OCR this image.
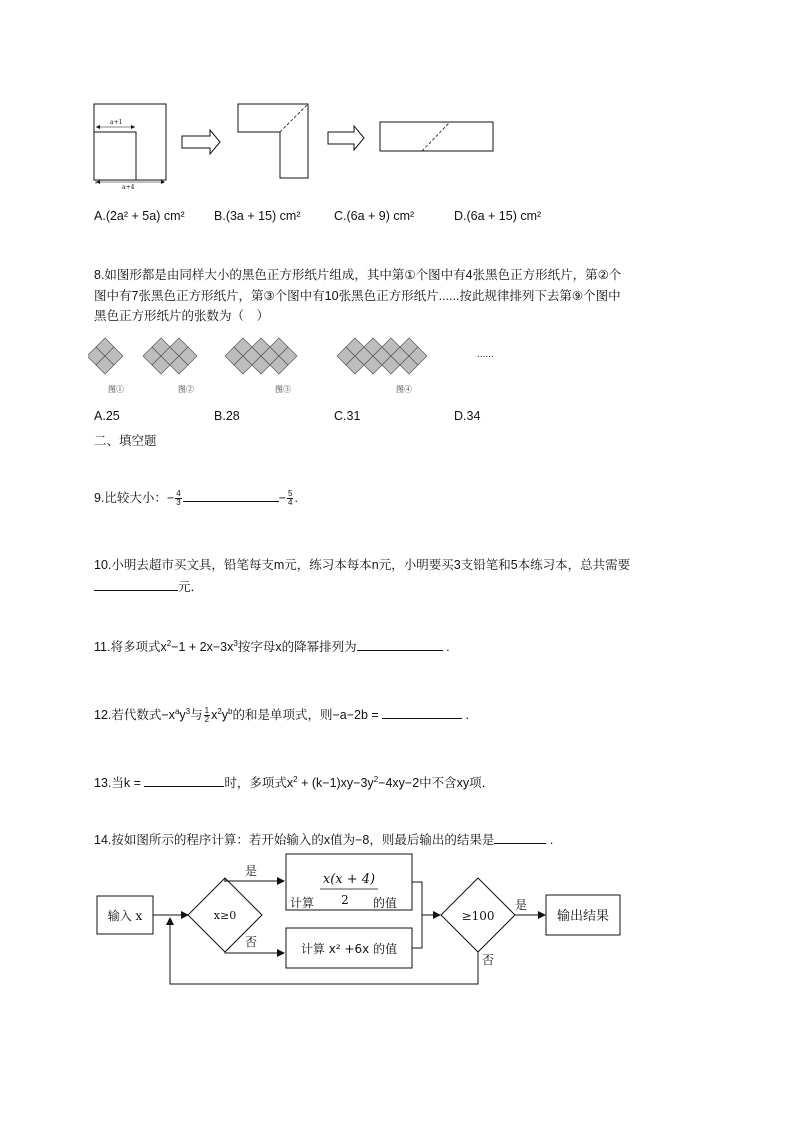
a+1
a+4
A.(2a² + 5a) cm² B.(3a + 15) cm²	C.(6a + 9) cm²	D.(6a + 15) cm²
8.如图形都是由同样大小的黑色正方形纸片组成，其中第①个图中有4张黑色正方形纸片，第②个
图中有7张黑色正方形纸片，第③个图中有10张黑色正方形纸片......按此规律排列下去第⑨个图中
黑色正方形纸片的张数为（　）
图①	图②	图③	图④
......
A.25	B.28	C.31	D.34
二、填空题
9.比较大小：− $\frac{4}{3}$	− $\frac{5}{4}$ .
10.小明去超市买文具，铅笔每支m元，练习本每本n元，小明要买3支铅笔和5本练习本，总共需要
元．
11.将多项式$x^2-1 + 2x-3x^3$按字母x的降幂排列为	.
12.若代数式$-x^ay^3$与 $\frac{1}{2} x^2y^b$的和是单项式，则−a−2b =	.
13.当k =	时，多项式$x^2 + (k-1)xy-3y^2-4xy-2$中不含xy项．
14.按如图所示的程序计算：若开始输入的x值为−8，则最后输出的结果是	.
输入 x	x≥0
是
否
x(x + 4)
计算 2 的值
计算 x² +6x 的值
≥100
是
输出结果
否
